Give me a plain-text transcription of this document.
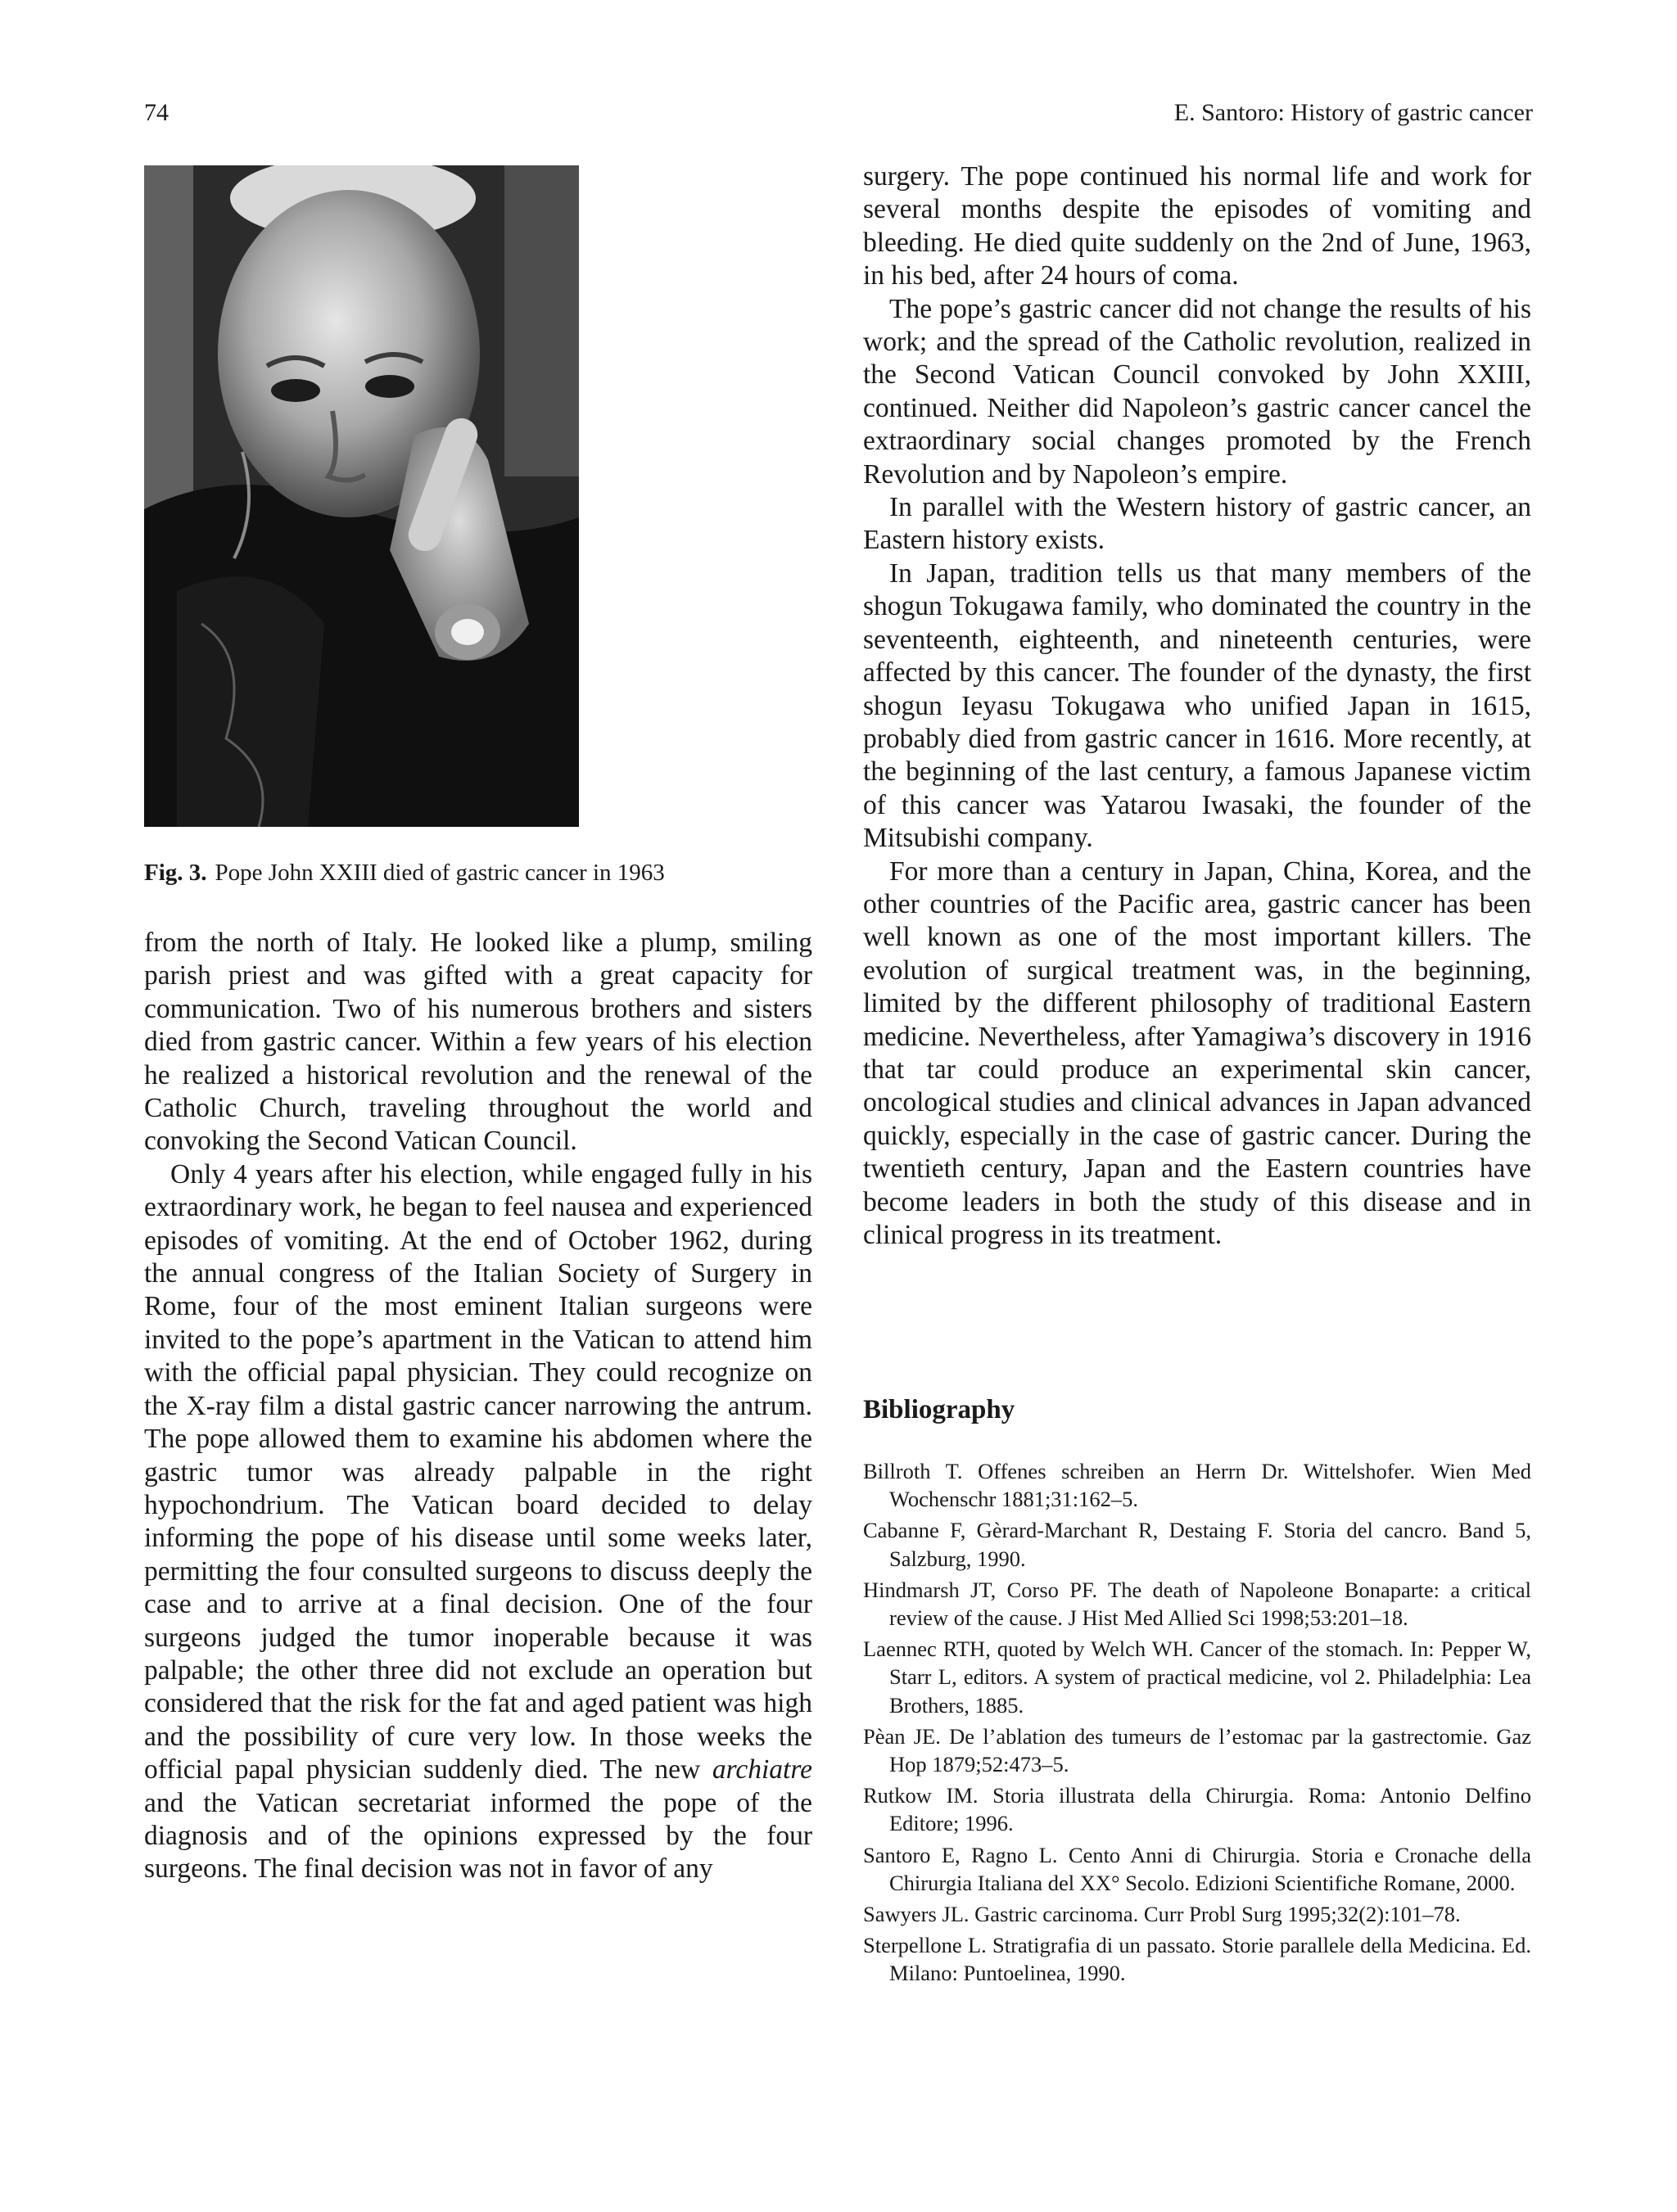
74	E. Santoro: History of gastric cancer
Fig. 3. Pope John XXIII died of gastric cancer in 1963

from the north of Italy. He looked like a plump, smiling parish priest and was gifted with a great capacity for communication. Two of his numerous brothers and sisters died from gastric cancer. Within a few years of his election he realized a historical revolution and the renewal of the Catholic Church, traveling throughout the world and convoking the Second Vatican Council.

Only 4 years after his election, while engaged fully in his extraordinary work, he began to feel nausea and experienced episodes of vomiting. At the end of October 1962, during the annual congress of the Italian Society of Surgery in Rome, four of the most eminent Italian surgeons were invited to the pope’s apartment in the Vatican to attend him with the official papal physician. They could recognize on the X-ray film a distal gastric cancer narrowing the antrum. The pope allowed them to examine his abdomen where the gastric tumor was already palpable in the right hypochondrium. The Vatican board decided to delay informing the pope of his disease until some weeks later, permitting the four consulted surgeons to discuss deeply the case and to arrive at a final decision. One of the four surgeons judged the tumor inoperable because it was palpable; the other three did not exclude an operation but considered that the risk for the fat and aged patient was high and the possibility of cure very low. In those weeks the official papal physician suddenly died. The new archiatre and the Vatican secretariat informed the pope of the diagnosis and of the opinions expressed by the four surgeons. The final decision was not in favor of any

surgery. The pope continued his normal life and work for several months despite the episodes of vomiting and bleeding. He died quite suddenly on the 2nd of June, 1963, in his bed, after 24 hours of coma.

The pope’s gastric cancer did not change the results of his work; and the spread of the Catholic revolution, realized in the Second Vatican Council convoked by John XXIII, continued. Neither did Napoleon’s gastric cancer cancel the extraordinary social changes promoted by the French Revolution and by Napoleon’s empire.

In parallel with the Western history of gastric cancer, an Eastern history exists.

In Japan, tradition tells us that many members of the shogun Tokugawa family, who dominated the country in the seventeenth, eighteenth, and nineteenth centuries, were affected by this cancer. The founder of the dynasty, the first shogun Ieyasu Tokugawa who unified Japan in 1615, probably died from gastric cancer in 1616. More recently, at the beginning of the last century, a famous Japanese victim of this cancer was Yatarou Iwasaki, the founder of the Mitsubishi company.

For more than a century in Japan, China, Korea, and the other countries of the Pacific area, gastric cancer has been well known as one of the most important killers. The evolution of surgical treatment was, in the beginning, limited by the different philosophy of traditional Eastern medicine. Nevertheless, after Yamagiwa’s discovery in 1916 that tar could produce an experimental skin cancer, oncological studies and clinical advances in Japan advanced quickly, especially in the case of gastric cancer. During the twentieth century, Japan and the Eastern countries have become leaders in both the study of this disease and in clinical progress in its treatment.

Bibliography
Billroth T. Offenes schreiben an Herrn Dr. Wittelshofer. Wien Med Wochenschr 1881;31:162–5.
Cabanne F, Gèrard-Marchant R, Destaing F. Storia del cancro. Band 5, Salzburg, 1990.
Hindmarsh JT, Corso PF. The death of Napoleone Bonaparte: a critical review of the cause. J Hist Med Allied Sci 1998;53:201–18.
Laennec RTH, quoted by Welch WH. Cancer of the stomach. In: Pepper W, Starr L, editors. A system of practical medicine, vol 2. Philadelphia: Lea Brothers, 1885.
Pèan JE. De l’ablation des tumeurs de l’estomac par la gastrectomie. Gaz Hop 1879;52:473–5.
Rutkow IM. Storia illustrata della Chirurgia. Roma: Antonio Delfino Editore; 1996.
Santoro E, Ragno L. Cento Anni di Chirurgia. Storia e Cronache della Chirurgia Italiana del XX° Secolo. Edizioni Scientifiche Romane, 2000.
Sawyers JL. Gastric carcinoma. Curr Probl Surg 1995;32(2):101–78.
Sterpellone L. Stratigrafia di un passato. Storie parallele della Medicina. Ed. Milano: Puntoelinea, 1990.
